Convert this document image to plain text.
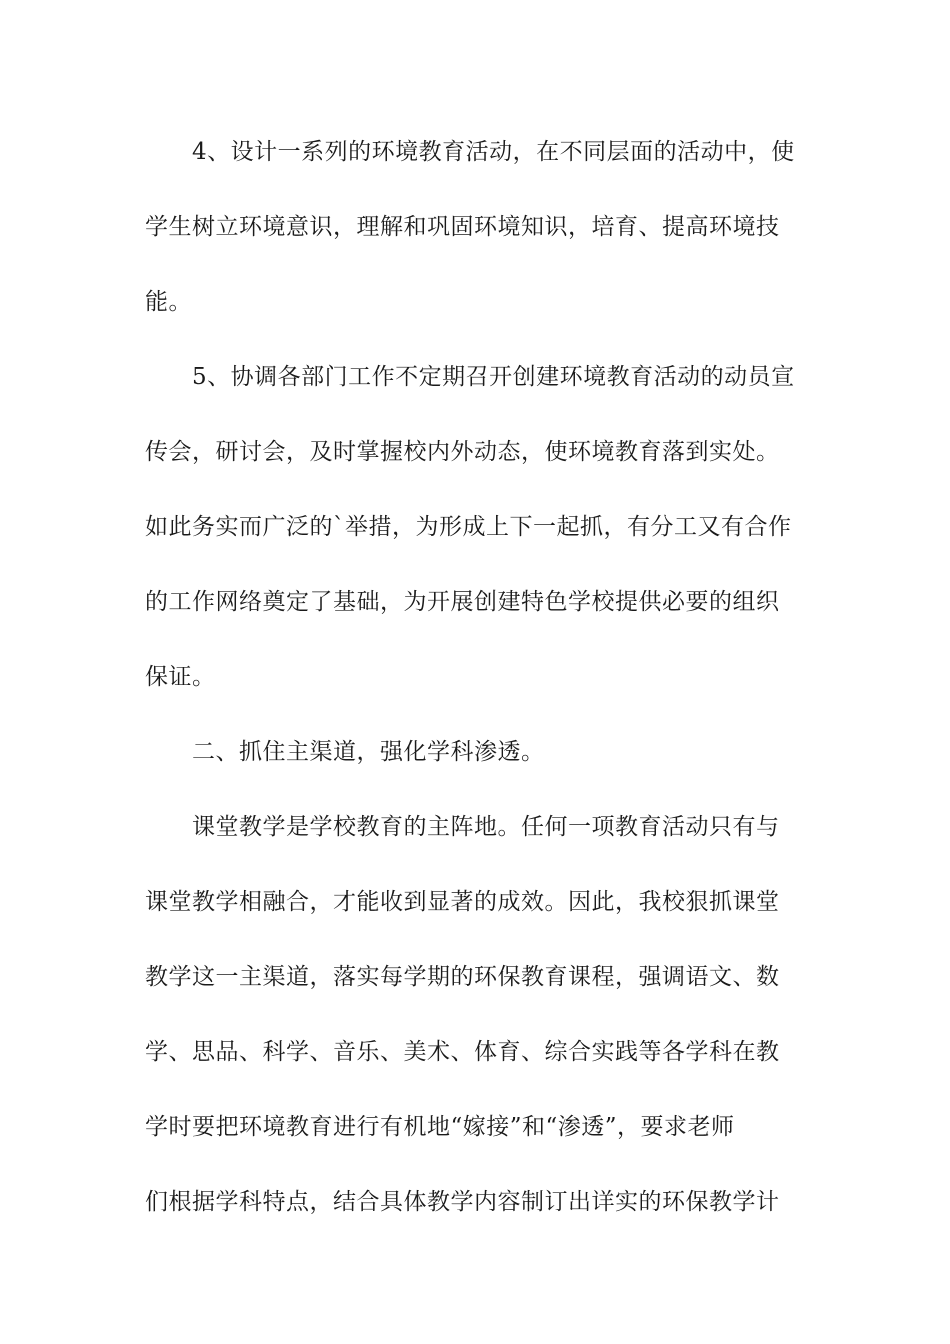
4、设计一系列的环境教育活动，在不同层面的活动中，使
学生树立环境意识，理解和巩固环境知识，培育、提高环境技
能。
5、协调各部门工作不定期召开创建环境教育活动的动员宣
传会，研讨会，及时掌握校内外动态，使环境教育落到实处。
如此务实而广泛的`举措，为形成上下一起抓，有分工又有合作
的工作网络奠定了基础，为开展创建特色学校提供必要的组织
保证。
二、抓住主渠道，强化学科渗透。
课堂教学是学校教育的主阵地。任何一项教育活动只有与
课堂教学相融合，才能收到显著的成效。因此，我校狠抓课堂
教学这一主渠道，落实每学期的环保教育课程，强调语文、数
学、思品、科学、音乐、美术、体育、综合实践等各学科在教
学时要把环境教育进行有机地“嫁接”和“渗透”，要求老师
们根据学科特点，结合具体教学内容制订出详实的环保教学计
